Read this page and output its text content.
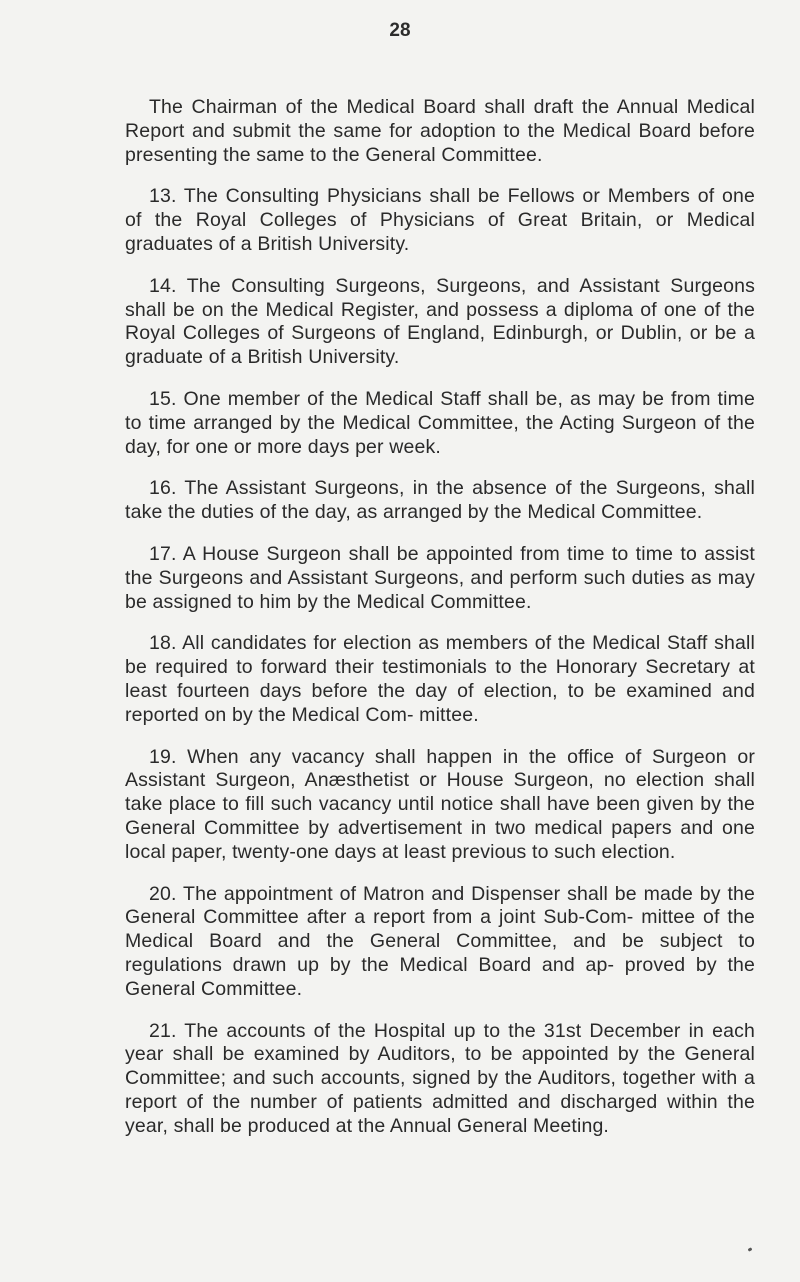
28

The Chairman of the Medical Board shall draft the Annual Medical Report and submit the same for adoption to the Medical Board before presenting the same to the General Committee.

13. The Consulting Physicians shall be Fellows or Members of one of the Royal Colleges of Physicians of Great Britain, or Medical graduates of a British University.

14. The Consulting Surgeons, Surgeons, and Assistant Surgeons shall be on the Medical Register, and possess a diploma of one of the Royal Colleges of Surgeons of England, Edinburgh, or Dublin, or be a graduate of a British University.

15. One member of the Medical Staff shall be, as may be from time to time arranged by the Medical Committee, the Acting Surgeon of the day, for one or more days per week.

16. The Assistant Surgeons, in the absence of the Surgeons, shall take the duties of the day, as arranged by the Medical Committee.

17. A House Surgeon shall be appointed from time to time to assist the Surgeons and Assistant Surgeons, and perform such duties as may be assigned to him by the Medical Committee.

18. All candidates for election as members of the Medical Staff shall be required to forward their testimonials to the Honorary Secretary at least fourteen days before the day of election, to be examined and reported on by the Medical Com- mittee.

19. When any vacancy shall happen in the office of Surgeon or Assistant Surgeon, Anæsthetist or House Surgeon, no election shall take place to fill such vacancy until notice shall have been given by the General Committee by advertisement in two medical papers and one local paper, twenty-one days at least previous to such election.

20. The appointment of Matron and Dispenser shall be made by the General Committee after a report from a joint Sub-Com- mittee of the Medical Board and the General Committee, and be subject to regulations drawn up by the Medical Board and ap- proved by the General Committee.

21. The accounts of the Hospital up to the 31st December in each year shall be examined by Auditors, to be appointed by the General Committee; and such accounts, signed by the Auditors, together with a report of the number of patients admitted and discharged within the year, shall be produced at the Annual General Meeting.
